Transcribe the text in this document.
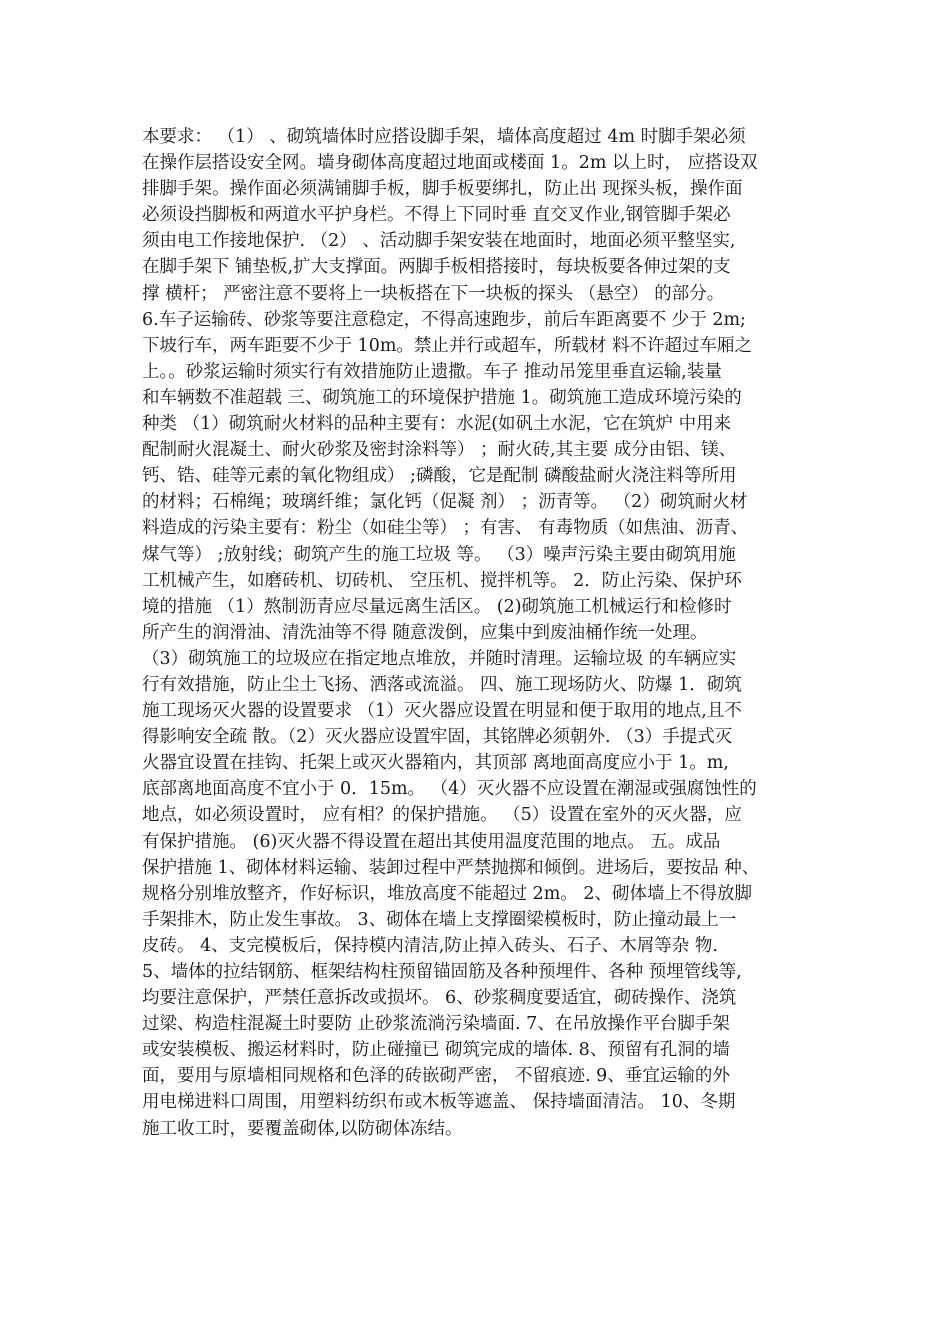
本要求： （1） 、砌筑墙体时应搭设脚手架，墙体高度超过 4m 时脚手架必须
在操作层搭设安全网。墙身砌体高度超过地面或楼面 1。2m 以上时， 应搭设双
排脚手架。操作面必须满铺脚手板，脚手板要绑扎，防止出 现探头板，操作面
必须设挡脚板和两道水平护身栏。不得上下同时垂 直交叉作业,钢管脚手架必
须由电工作接地保护. （2） 、活动脚手架安装在地面时，地面必须平整坚实,
在脚手架下 铺垫板,扩大支撑面。两脚手板相搭接时，每块板要各伸过架的支
撑 横杆； 严密注意不要将上一块板搭在下一块板的探头 （悬空） 的部分。
6.车子运输砖、砂浆等要注意稳定，不得高速跑步，前后车距离要不 少于 2m;
下坡行车，两车距要不少于 10m。禁止并行或超车，所载材 料不许超过车厢之
上。。砂浆运输时须实行有效措施防止遗撒。车子 推动吊笼里垂直运输,装量
和车辆数不准超载 三、砌筑施工的环境保护措施 1。砌筑施工造成环境污染的
种类 （1）砌筑耐火材料的品种主要有：水泥(如矾土水泥，它在筑炉 中用来
配制耐火混凝土、耐火砂浆及密封涂料等） ；耐火砖,其主要 成分由铝、镁、
钙、锆、硅等元素的氧化物组成） ;磷酸，它是配制 磷酸盐耐火浇注料等所用
的材料；石棉绳；玻璃纤维；氯化钙（促凝 剂） ；沥青等。 （2）砌筑耐火材
料造成的污染主要有：粉尘（如硅尘等） ；有害、 有毒物质（如焦油、沥青、
煤气等） ;放射线；砌筑产生的施工垃圾 等。 （3）噪声污染主要由砌筑用施
工机械产生，如磨砖机、切砖机、 空压机、搅拌机等。 2．防止污染、保护环
境的措施 （1）熬制沥青应尽量远离生活区。 (2)砌筑施工机械运行和检修时
所产生的润滑油、清洗油等不得 随意泼倒，应集中到废油桶作统一处理。
（3）砌筑施工的垃圾应在指定地点堆放，并随时清理。运输垃圾 的车辆应实
行有效措施，防止尘土飞扬、洒落或流溢。 四、施工现场防火、防爆 1．砌筑
施工现场灭火器的设置要求 （1）灭火器应设置在明显和便于取用的地点,且不
得影响安全疏 散。（2）灭火器应设置牢固，其铭牌必须朝外. （3）手提式灭
火器宜设置在挂钩、托架上或灭火器箱内，其顶部 离地面高度应小于 1。m,
底部离地面高度不宜小于 0．15m。 （4）灭火器不应设置在潮湿或强腐蚀性的
地点，如必须设置时， 应有相？的保护措施。 （5）设置在室外的灭火器，应
有保护措施。 (6)灭火器不得设置在超出其使用温度范围的地点。 五。成品
保护措施 1、砌体材料运输、装卸过程中严禁抛掷和倾倒。进场后，要按品 种、
规格分别堆放整齐，作好标识，堆放高度不能超过 2m。 2、砌体墙上不得放脚
手架排木，防止发生事故。 3、砌体在墙上支撑圈梁模板时，防止撞动最上一
皮砖。 4、支完模板后，保持模内清洁,防止掉入砖头、石子、木屑等杂 物.
5、墙体的拉结钢筋、框架结构柱预留锚固筋及各种预埋件、各种 预埋管线等,
均要注意保护，严禁任意拆改或损坏。 6、砂浆稠度要适宜，砌砖操作、浇筑
过梁、构造柱混凝土时要防 止砂浆流淌污染墙面. 7、在吊放操作平台脚手架
或安装模板、搬运材料时，防止碰撞已 砌筑完成的墙体. 8、预留有孔洞的墙
面，要用与原墙相同规格和色泽的砖嵌砌严密， 不留痕迹. 9、垂宜运输的外
用电梯进料口周围，用塑料纺织布或木板等遮盖、 保持墙面清洁。 10、冬期
施工收工时，要覆盖砌体,以防砌体冻结。
